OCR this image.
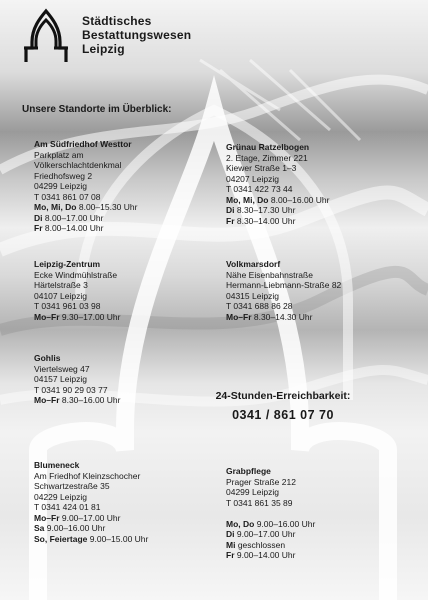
Städtisches
Bestattungswesen
Leipzig
Unsere Standorte im Überblick:
Am Südfriedhof Westtor
Parkplatz am
Völkerschlachtdenkmal
Friedhofsweg 2
04299 Leipzig
T 0341 861 07 08
Mo, Mi, Do 8.00–15.30 Uhr
Di 8.00–17.00 Uhr
Fr 8.00–14.00 Uhr
Grünau Ratzelbogen
2. Etage, Zimmer 221
Kiewer Straße 1–3
04207 Leipzig
T 0341 422 73 44
Mo, Mi, Do 8.00–16.00 Uhr
Di 8.30–17.30 Uhr
Fr 8.30–14.00 Uhr
Leipzig-Zentrum
Ecke Windmühlstraße
Härtelstraße 3
04107 Leipzig
T 0341 961 03 98
Mo–Fr 9.30–17.00 Uhr
Volkmarsdorf
Nähe Eisenbahnstraße
Hermann-Liebmann-Straße 82
04315 Leipzig
T 0341 688 86 28
Mo–Fr 8.30–14.30 Uhr
Gohlis
Viertelsweg 47
04157 Leipzig
T 0341 90 29 03 77
Mo–Fr 8.30–16.00 Uhr	24-Stunden-Erreichbarkeit:
0341 / 861 07 70
Blumeneck
Am Friedhof Kleinzschocher
Schwartzestraße 35
04229 Leipzig
T 0341 424 01 81
Mo–Fr 9.00–17.00 Uhr
Sa 9.00–16.00 Uhr
So, Feiertage 9.00–15.00 Uhr
Grabpflege
Prager Straße 212
04299 Leipzig
T 0341 861 35 89
Mo, Do 9.00–16.00 Uhr
Di 9.00–17.00 Uhr
Mi geschlossen
Fr 9.00–14.00 Uhr
